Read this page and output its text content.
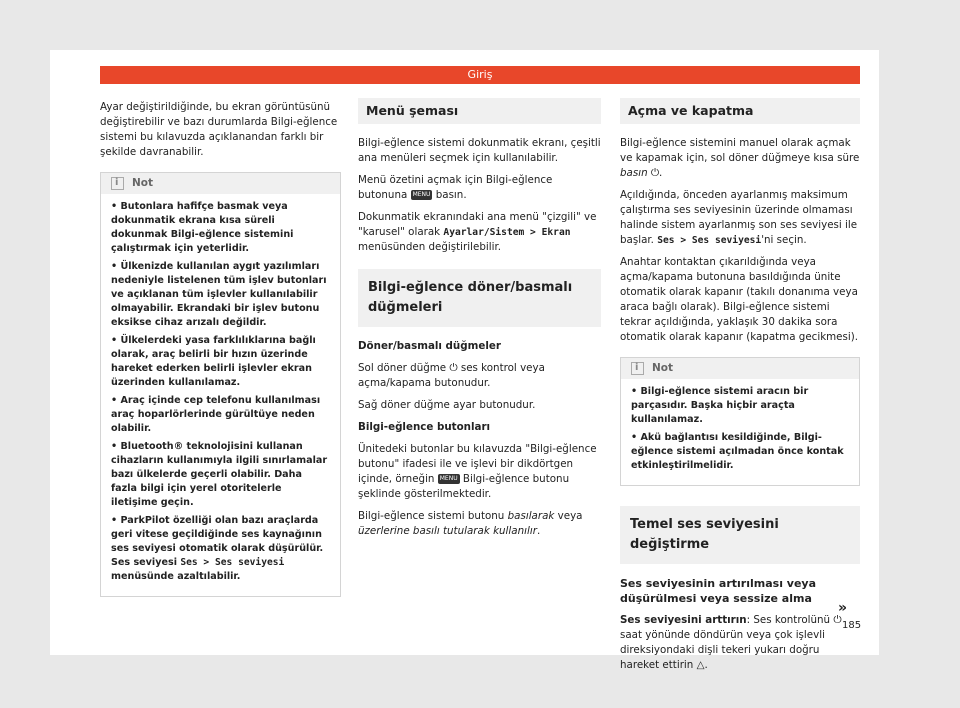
Giriş

Ayar değiştirildiğinde, bu ekran görüntüsünü değiştirebilir ve bazı durumlarda Bilgi-eğlence sistemi bu kılavuzda açıklanandan farklı bir şekilde davranabilir.

i
Not
• Butonlara hafifçe basmak veya dokunmatik ekrana kısa süreli dokunmak Bilgi-eğlence sistemini çalıştırmak için yeterlidir.
• Ülkenizde kullanılan aygıt yazılımları nedeniyle listelenen tüm işlev butonları ve açıklanan tüm işlevler kullanılabilir olmayabilir. Ekrandaki bir işlev butonu eksikse cihaz arızalı değildir.
• Ülkelerdeki yasa farklılıklarına bağlı olarak, araç belirli bir hızın üzerinde hareket ederken belirli işlevler ekran üzerinden kullanılamaz.
• Araç içinde cep telefonu kullanılması araç hoparlörlerinde gürültüye neden olabilir.
• Bluetooth® teknolojisini kullanan cihazların kullanımıyla ilgili sınırlamalar bazı ülkelerde geçerli olabilir. Daha fazla bilgi için yerel otoritelerle iletişime geçin.
• ParkPilot özelliği olan bazı araçlarda geri vitese geçildiğinde ses kaynağının ses seviyesi otomatik olarak düşürülür. Ses seviyesi Ses > Ses seviyesi menüsünde azaltılabilir.
Menü şeması

Bilgi-eğlence sistemi dokunmatik ekranı, çeşitli ana menüleri seçmek için kullanılabilir.

Menü özetini açmak için Bilgi-eğlence butonuna MENU basın.

Dokunmatik ekranındaki ana menü "çizgili" ve "karusel" olarak Ayarlar/Sistem > Ekran menüsünden değiştirilebilir.

Bilgi-eğlence döner/basmalı düğmeleri

Döner/basmalı düğmeler

Sol döner düğme ⏻ ses kontrol veya açma/kapama butonudur.

Sağ döner düğme ayar butonudur.

Bilgi-eğlence butonları

Ünitedeki butonlar bu kılavuzda "Bilgi-eğlence butonu" ifadesi ile ve işlevi bir dikdörtgen içinde, örneğin MENU Bilgi-eğlence butonu şeklinde gösterilmektedir.

Bilgi-eğlence sistemi butonu basılarak veya üzerlerine basılı tutularak kullanılır.

Açma ve kapatma

Bilgi-eğlence sistemini manuel olarak açmak ve kapamak için, sol döner düğmeye kısa süre basın ⏻.

Açıldığında, önceden ayarlanmış maksimum çalıştırma ses seviyesinin üzerinde olmaması halinde sistem ayarlanmış son ses seviyesi ile başlar. Ses > Ses seviyesi'ni seçin.

Anahtar kontaktan çıkarıldığında veya açma/kapama butonuna basıldığında ünite otomatik olarak kapanır (takılı donanıma veya araca bağlı olarak). Bilgi-eğlence sistemi tekrar açıldığında, yaklaşık 30 dakika sora otomatik olarak kapanır (kapatma gecikmesi).

i
Not
• Bilgi-eğlence sistemi aracın bir parçasıdır. Başka hiçbir araçta kullanılamaz.
• Akü bağlantısı kesildiğinde, Bilgi-eğlence sistemi açılmadan önce kontak etkinleştirilmelidir.
Temel ses seviyesini değiştirme

Ses seviyesinin artırılması veya düşürülmesi veya sessize alma

Ses seviyesini arttırın: Ses kontrolünü ⏻ saat yönünde döndürün veya çok işlevli direksiyondaki dişli tekeri yukarı doğru hareket ettirin △.

»
185
